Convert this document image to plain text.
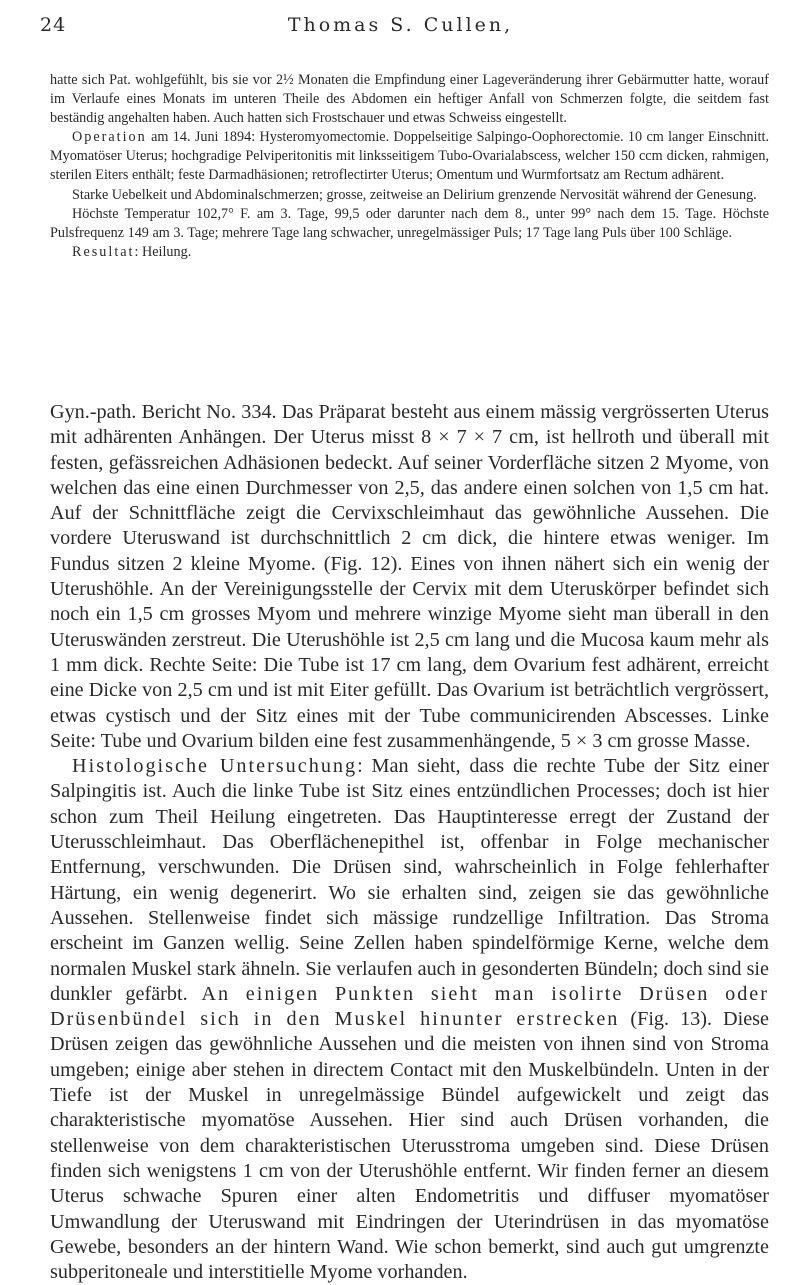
24	Thomas S. Cullen,

hatte sich Pat. wohlgefühlt, bis sie vor 2½ Monaten die Empfindung einer Lageveränderung ihrer Gebärmutter hatte, worauf im Verlaufe eines Monats im unteren Theile des Abdomen ein heftiger Anfall von Schmerzen folgte, die seitdem fast beständig angehalten haben. Auch hatten sich Frostschauer und etwas Schweiss eingestellt.

Operation am 14. Juni 1894: Hysteromyomectomie. Doppelseitige Salpingo-Oophorectomie. 10 cm langer Einschnitt. Myomatöser Uterus; hochgradige Pelviperitonitis mit linksseitigem Tubo-Ovarialabscess, welcher 150 ccm dicken, rahmigen, sterilen Eiters enthält; feste Darmadhäsionen; retroflectirter Uterus; Omentum und Wurmfortsatz am Rectum adhärent.

Starke Uebelkeit und Abdominalschmerzen; grosse, zeitweise an Delirium grenzende Nervosität während der Genesung.

Höchste Temperatur 102,7° F. am 3. Tage, 99,5 oder darunter nach dem 8., unter 99° nach dem 15. Tage. Höchste Pulsfrequenz 149 am 3. Tage; mehrere Tage lang schwacher, unregelmässiger Puls; 17 Tage lang Puls über 100 Schläge.

Resultat: Heilung.

Gyn.-path. Bericht No. 334. Das Präparat besteht aus einem mässig vergrösserten Uterus mit adhärenten Anhängen. Der Uterus misst 8 × 7 × 7 cm, ist hellroth und überall mit festen, gefässreichen Adhäsionen bedeckt. Auf seiner Vorderfläche sitzen 2 Myome, von welchen das eine einen Durchmesser von 2,5, das andere einen solchen von 1,5 cm hat. Auf der Schnittfläche zeigt die Cervixschleimhaut das gewöhnliche Aussehen. Die vordere Uteruswand ist durchschnittlich 2 cm dick, die hintere etwas weniger. Im Fundus sitzen 2 kleine Myome. (Fig. 12). Eines von ihnen nähert sich ein wenig der Uterushöhle. An der Vereinigungsstelle der Cervix mit dem Uteruskörper befindet sich noch ein 1,5 cm grosses Myom und mehrere winzige Myome sieht man überall in den Uteruswänden zerstreut. Die Uterushöhle ist 2,5 cm lang und die Mucosa kaum mehr als 1 mm dick. Rechte Seite: Die Tube ist 17 cm lang, dem Ovarium fest adhärent, erreicht eine Dicke von 2,5 cm und ist mit Eiter gefüllt. Das Ovarium ist beträchtlich vergrössert, etwas cystisch und der Sitz eines mit der Tube communicirenden Abscesses. Linke Seite: Tube und Ovarium bilden eine fest zusammenhängende, 5 × 3 cm grosse Masse.

Histologische Untersuchung: Man sieht, dass die rechte Tube der Sitz einer Salpingitis ist. Auch die linke Tube ist Sitz eines entzündlichen Processes; doch ist hier schon zum Theil Heilung eingetreten. Das Hauptinteresse erregt der Zustand der Uterusschleimhaut. Das Oberflächenepithel ist, offenbar in Folge mechanischer Entfernung, verschwunden. Die Drüsen sind, wahrscheinlich in Folge fehlerhafter Härtung, ein wenig degenerirt. Wo sie erhalten sind, zeigen sie das gewöhnliche Aussehen. Stellenweise findet sich mässige rundzellige Infiltration. Das Stroma erscheint im Ganzen wellig. Seine Zellen haben spindelförmige Kerne, welche dem normalen Muskel stark ähneln. Sie verlaufen auch in gesonderten Bündeln; doch sind sie dunkler gefärbt. An einigen Punkten sieht man isolirte Drüsen oder Drüsenbündel sich in den Muskel hinunter erstrecken (Fig. 13). Diese Drüsen zeigen das gewöhnliche Aussehen und die meisten von ihnen sind von Stroma umgeben; einige aber stehen in directem Contact mit den Muskelbündeln. Unten in der Tiefe ist der Muskel in unregelmässige Bündel aufgewickelt und zeigt das charakteristische myomatöse Aussehen. Hier sind auch Drüsen vorhanden, die stellenweise von dem charakteristischen Uterusstroma umgeben sind. Diese Drüsen finden sich wenigstens 1 cm von der Uterushöhle entfernt. Wir finden ferner an diesem Uterus schwache Spuren einer alten Endometritis und diffuser myomatöser Umwandlung der Uteruswand mit Eindringen der Uterindrüsen in das myomatöse Gewebe, besonders an der hintern Wand. Wie schon bemerkt, sind auch gut umgrenzte subperitoneale und interstitielle Myome vorhanden.
